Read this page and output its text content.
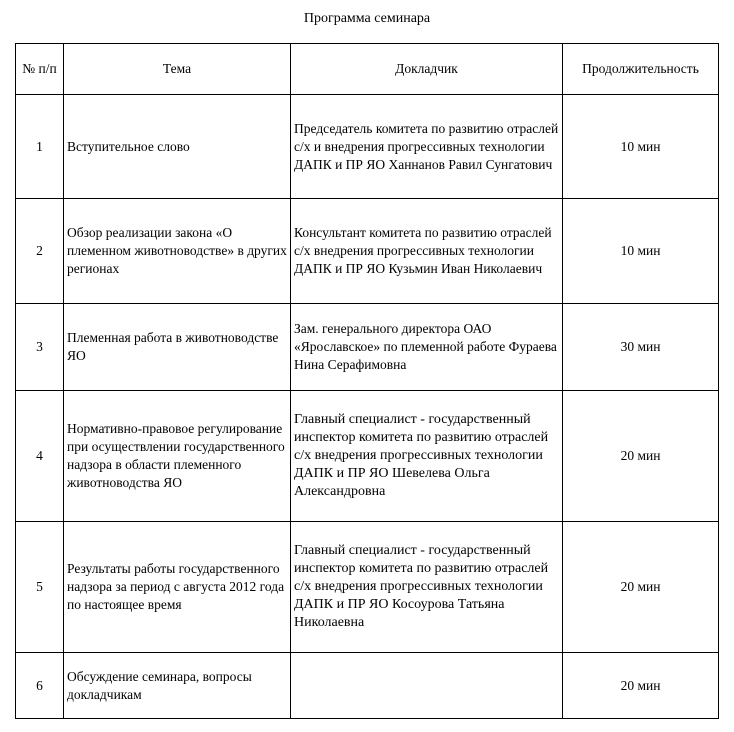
Программа семинара
№ п/п	Тема	Докладчик	Продолжительность
1	Вступительное слово	Председатель комитета по развитию отраслей с/х и внедрения прогрессивных технологии ДАПК и ПР ЯО Ханнанов Равил Сунгатович	10 мин
2	Обзор реализации закона «О племенном животноводстве» в других регионах	Консультант комитета по развитию отраслей с/х внедрения прогрессивных технологии ДАПК и ПР ЯО Кузьмин Иван Николаевич	10 мин
3	Племенная работа в животноводстве ЯО	Зам. генерального директора ОАО «Ярославское» по племенной работе Фураева Нина Серафимовна	30 мин
4	Нормативно-правовое регулирование при осуществлении государственного надзора в области племенного животноводства ЯО	Главный специалист - государственный инспектор комитета по развитию отраслей с/х внедрения прогрессивных технологии ДАПК и ПР ЯО Шевелева Ольга Александровна	20 мин
5	Результаты работы государственного надзора за период с августа 2012 года по настоящее время	Главный специалист - государственный инспектор комитета по развитию отраслей с/х внедрения прогрессивных технологии ДАПК и ПР ЯО Косоурова Татьяна Николаевна	20 мин
6	Обсуждение семинара, вопросы докладчикам		20 мин
